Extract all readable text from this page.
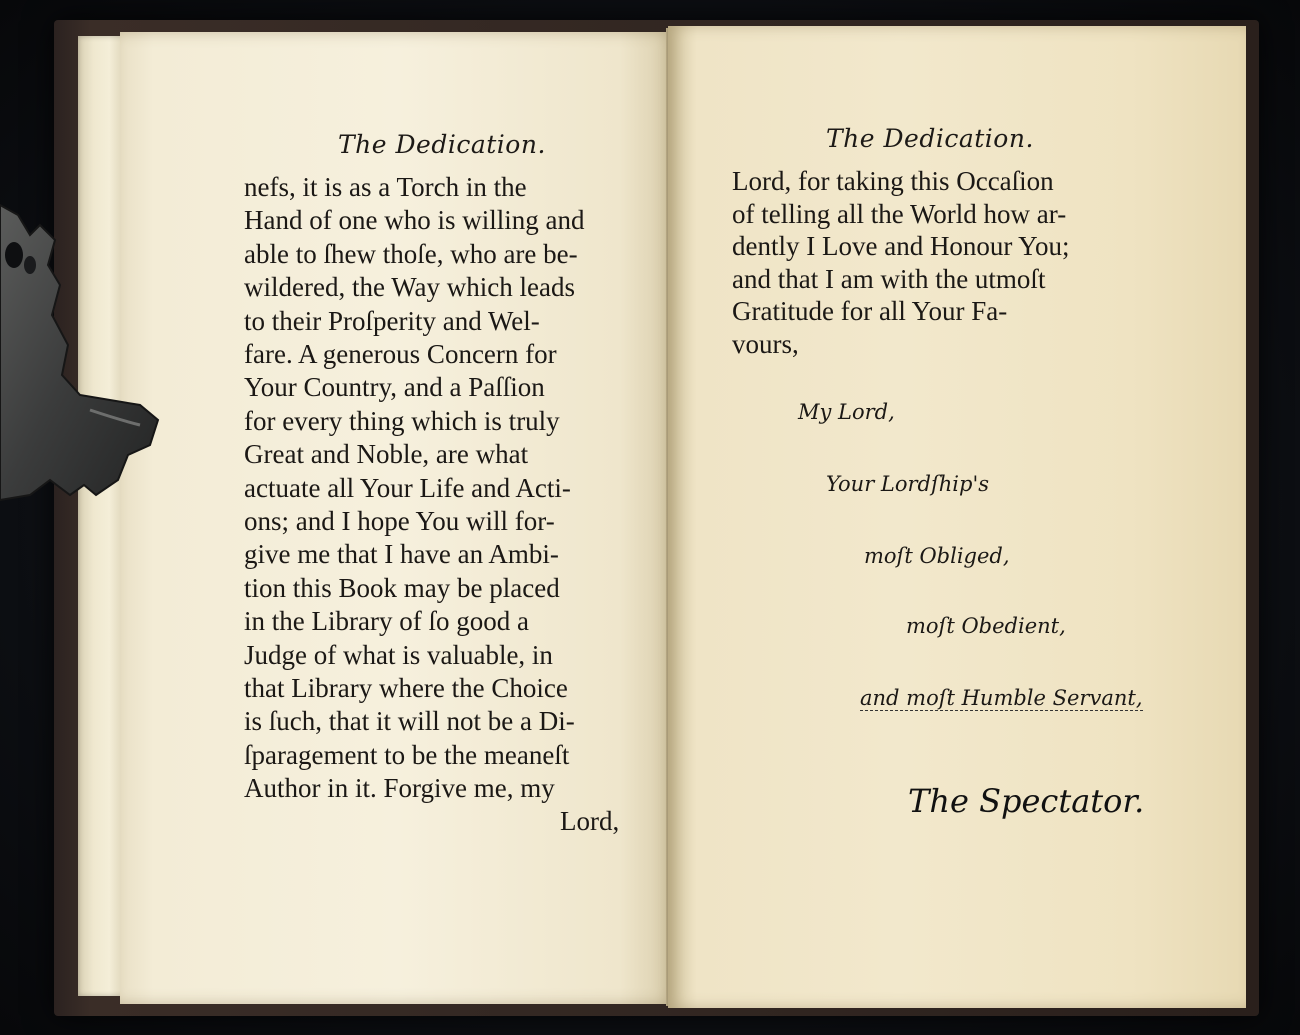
The Dedication.
nefs, it is as a Torch in the
Hand of one who is willing and
able to ſhew thoſe, who are be-
wildered, the Way which leads
to their Proſperity and Wel-
fare. A generous Concern for
Your Country, and a Paſſion
for every thing which is truly
Great and Noble, are what
actuate all Your Life and Acti-
ons; and I hope You will for-
give me that I have an Ambi-
tion this Book may be placed
in the Library of ſo good a
Judge of what is valuable, in
that Library where the Choice
is ſuch, that it will not be a Di-
ſparagement to be the meaneſt
Author in it. Forgive me, my
Lord,
The Dedication.
Lord, for taking this Occaſion
of telling all the World how ar-
dently I Love and Honour You;
and that I am with the utmoſt
Gratitude for all Your Fa-
vours,
My Lord,
Your Lordſhip's
moſt Obliged,
moſt Obedient,
and moſt Humble Servant,
The Spectator.
